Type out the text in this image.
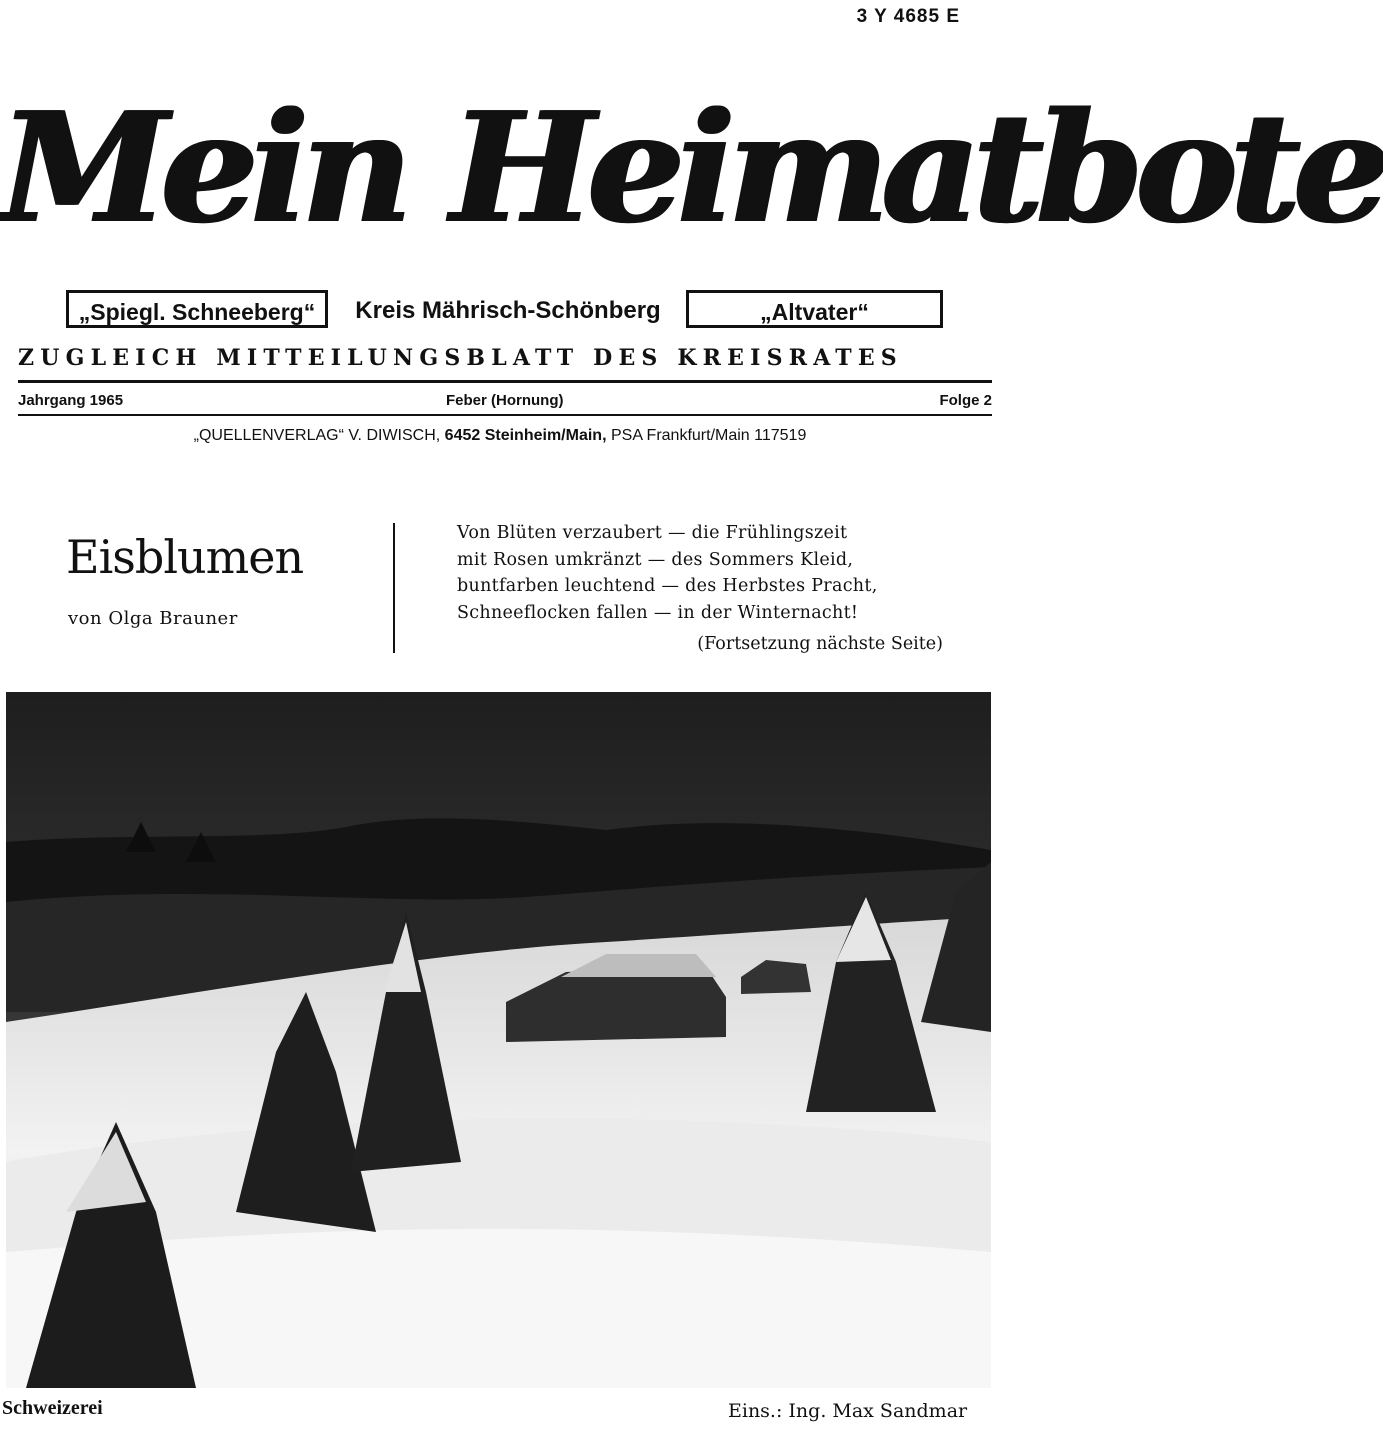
3 Y 4685 E
Mein Heimatbote
„Spiegl. Schneeberg“	Kreis Mährisch-Schönberg	„Altvater“
ZUGLEICH MITTEILUNGSBLATT DES KREISRATES
Jahrgang 1965	Feber (Hornung)	Folge 2
„QUELLENVERLAG“ V. DIWISCH, 6452 Steinheim/Main, PSA Frankfurt/Main 117519
Eisblumen
von Olga Brauner
Von Blüten verzaubert — die Frühlingszeit
mit Rosen umkränzt — des Sommers Kleid,
buntfarben leuchtend — des Herbstes Pracht,
Schneeflocken fallen — in der Winternacht!
(Fortsetzung nächste Seite)
Schweizerei	Eins.: Ing. Max Sandmar
